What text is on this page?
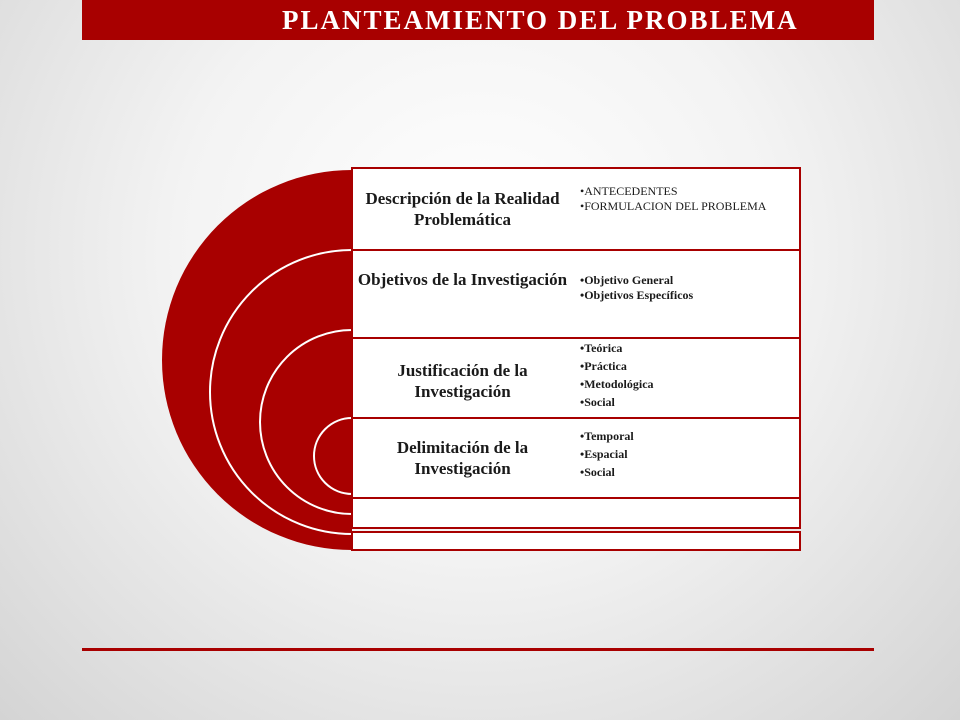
PLANTEAMIENTO DEL PROBLEMA
Descripción de la Realidad Problemática
• ANTECEDENTES
• FORMULACION DEL PROBLEMA
Objetivos de la Investigación
•	Objetivo General
• Objetivos Específicos
Justificación de la Investigación
• Teórica
• Práctica
• Metodológica
• Social
Delimitación de la Investigación
• Temporal
• Espacial
• Social
